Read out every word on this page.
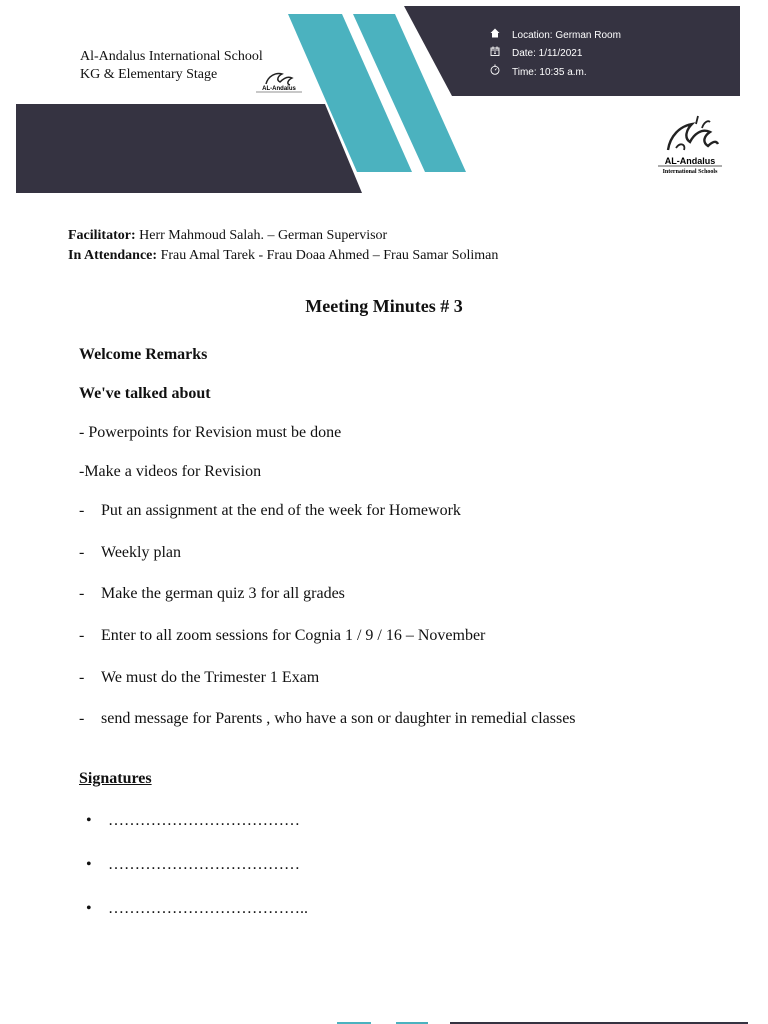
Al-Andalus International School
KG & Elementary Stage
AL-Andalus
Location: German Room
Date: 1/11/2021
Time: 10:35 a.m.
AL-Andalus
International Schools
Facilitator: Herr Mahmoud Salah. – German Supervisor
In Attendance: Frau Amal Tarek - Frau Doaa Ahmed – Frau Samar Soliman
Meeting Minutes # 3
Welcome Remarks
We've talked about
- Powerpoints for Revision must be done
-Make a videos for Revision
- Put an assignment at the end of the week for Homework
- Weekly plan
- Make the german quiz 3 for all grades
- Enter to all zoom sessions for Cognia 1 / 9 / 16 – November
- We must do the Trimester 1 Exam
- send message for Parents , who have a son or daughter in remedial classes
Signatures
• ………………………………
• ………………………………
• ………………………………..
